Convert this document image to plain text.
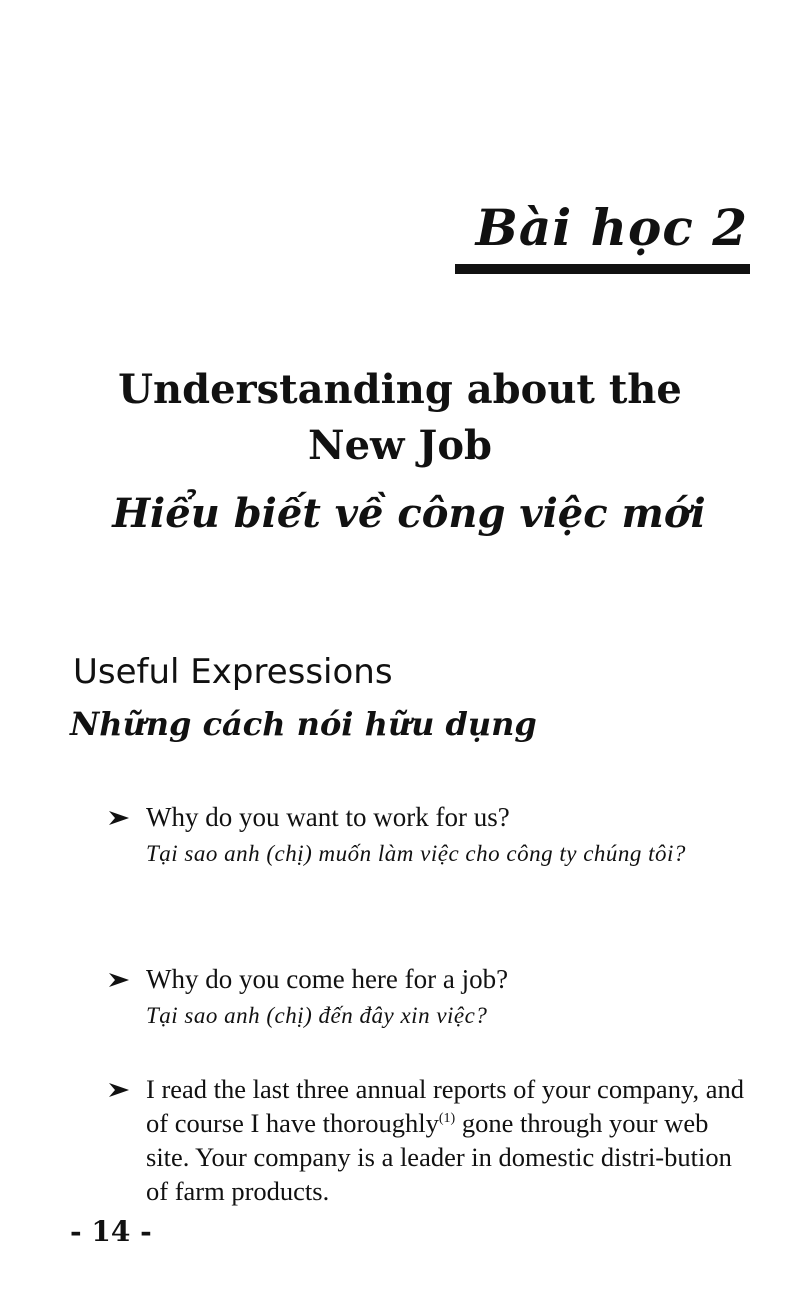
Bài học 2
Understanding about the
New Job
Hiểu biết về công việc mới
Useful Expressions
Những cách nói hữu dụng
Why do you want to work for us?
Tại sao anh (chị) muốn làm việc cho công ty chúng tôi?
Why do you come here for a job?
Tại sao anh (chị) đến đây xin việc?
I read the last three annual reports of your company, and of course I have thoroughly$^{(1)}$ gone through your web site. Your company is a leader in domestic distri-bution of farm products.
- 14 -
